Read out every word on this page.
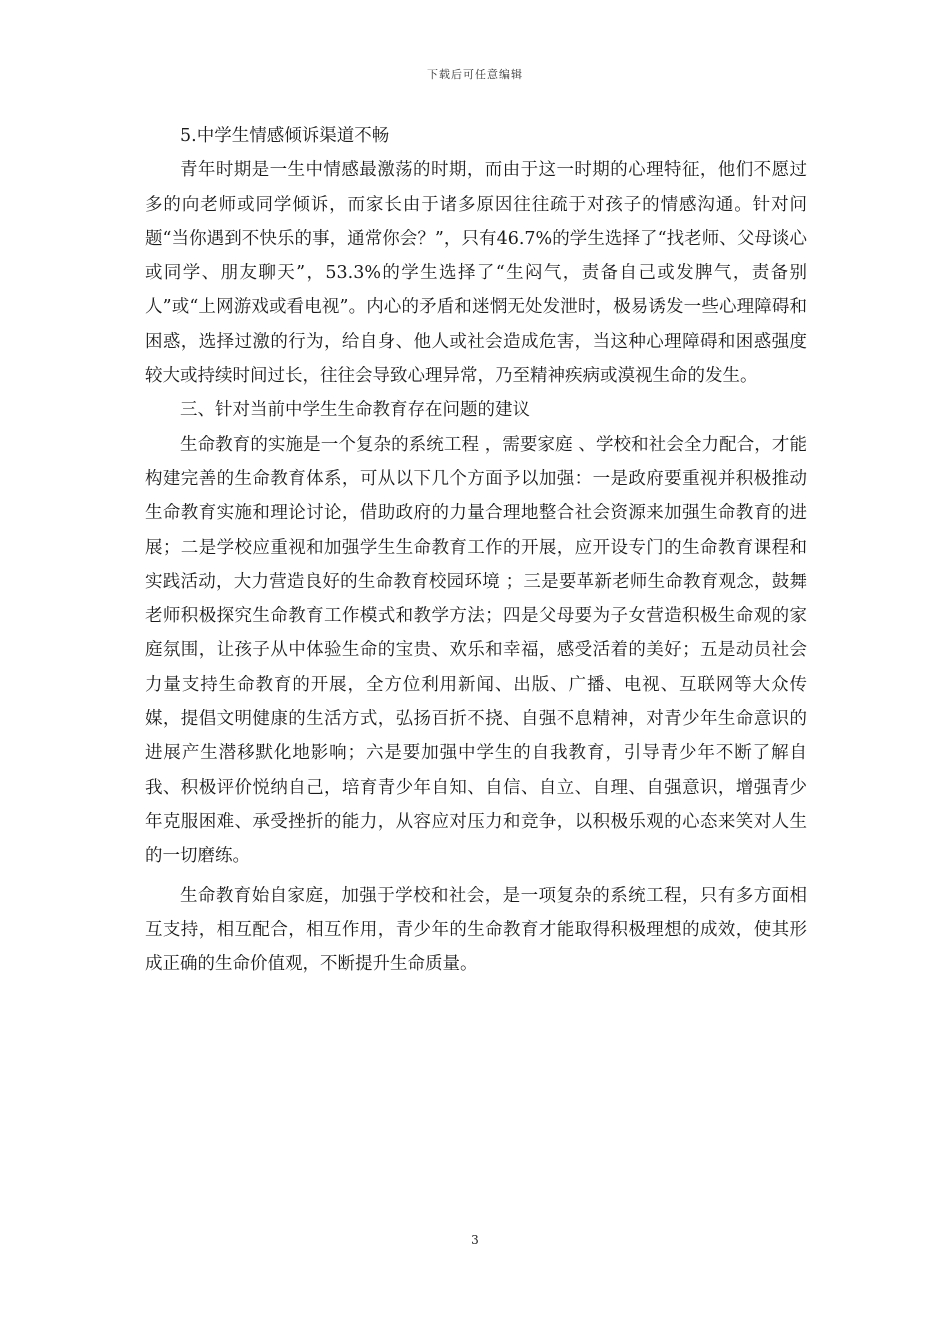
下载后可任意编辑

5.中学生情感倾诉渠道不畅

青年时期是一生中情感最激荡的时期，而由于这一时期的心理特征，他们不愿过多的向老师或同学倾诉，而家长由于诸多原因往往疏于对孩子的情感沟通。针对问题“当你遇到不快乐的事，通常你会？”，只有46.7%的学生选择了“找老师、父母谈心或同学、朋友聊天”，53.3%的学生选择了“生闷气，责备自己或发脾气，责备别人”或“上网游戏或看电视”。内心的矛盾和迷惘无处发泄时，极易诱发一些心理障碍和困惑，选择过激的行为，给自身、他人或社会造成危害，当这种心理障碍和困惑强度较大或持续时间过长，往往会导致心理异常，乃至精神疾病或漠视生命的发生。

三、针对当前中学生生命教育存在问题的建议

生命教育的实施是一个复杂的系统工程 ，需要家庭 、学校和社会全力配合，才能构建完善的生命教育体系，可从以下几个方面予以加强：一是政府要重视并积极推动生命教育实施和理论讨论，借助政府的力量合理地整合社会资源来加强生命教育的进展；二是学校应重视和加强学生生命教育工作的开展，应开设专门的生命教育课程和实践活动，大力营造良好的生命教育校园环境 ；三是要革新老师生命教育观念，鼓舞老师积极探究生命教育工作模式和教学方法；四是父母要为子女营造积极生命观的家庭氛围，让孩子从中体验生命的宝贵、欢乐和幸福，感受活着的美好；五是动员社会力量支持生命教育的开展，全方位利用新闻、出版、广播、电视、互联网等大众传媒，提倡文明健康的生活方式，弘扬百折不挠、自强不息精神，对青少年生命意识的进展产生潜移默化地影响；六是要加强中学生的自我教育，引导青少年不断了解自我、积极评价悦纳自己，培育青少年自知、自信、自立、自理、自强意识，增强青少年克服困难、承受挫折的能力，从容应对压力和竞争，以积极乐观的心态来笑对人生的一切磨练。

生命教育始自家庭，加强于学校和社会，是一项复杂的系统工程，只有多方面相互支持，相互配合，相互作用，青少年的生命教育才能取得积极理想的成效，使其形成正确的生命价值观，不断提升生命质量。

3
